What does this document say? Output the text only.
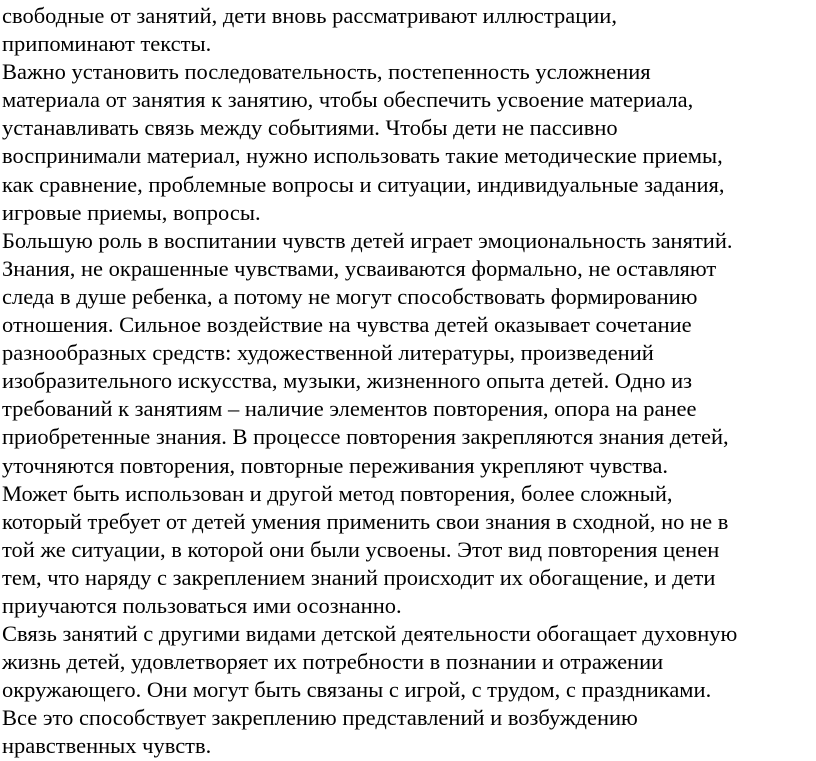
свободные от занятий, дети вновь рассматривают иллюстрации,
припоминают тексты.

Важно установить последовательность, постепенность усложнения
материала от занятия к занятию, чтобы обеспечить усвоение материала,
устанавливать связь между событиями. Чтобы дети не пассивно
воспринимали материал, нужно использовать такие методические приемы,
как сравнение, проблемные вопросы и ситуации, индивидуальные задания,
игровые приемы, вопросы.

Большую роль в воспитании чувств детей играет эмоциональность занятий.
Знания, не окрашенные чувствами, усваиваются формально, не оставляют
следа в душе ребенка, а потому не могут способствовать формированию
отношения. Сильное воздействие на чувства детей оказывает сочетание
разнообразных средств: художественной литературы, произведений
изобразительного искусства, музыки, жизненного опыта детей. Одно из
требований к занятиям – наличие элементов повторения, опора на ранее
приобретенные знания. В процессе повторения закрепляются знания детей,
уточняются повторения, повторные переживания укрепляют чувства.

Может быть использован и другой метод повторения, более сложный,
который требует от детей умения применить свои знания в сходной, но не в
той же ситуации, в которой они были усвоены. Этот вид повторения ценен
тем, что наряду с закреплением знаний происходит их обогащение, и дети
приучаются пользоваться ими осознанно.

Связь занятий с другими видами детской деятельности обогащает духовную
жизнь детей, удовлетворяет их потребности в познании и отражении
окружающего. Они могут быть связаны с игрой, с трудом, с праздниками.
Все это способствует закреплению представлений и возбуждению
нравственных чувств.
